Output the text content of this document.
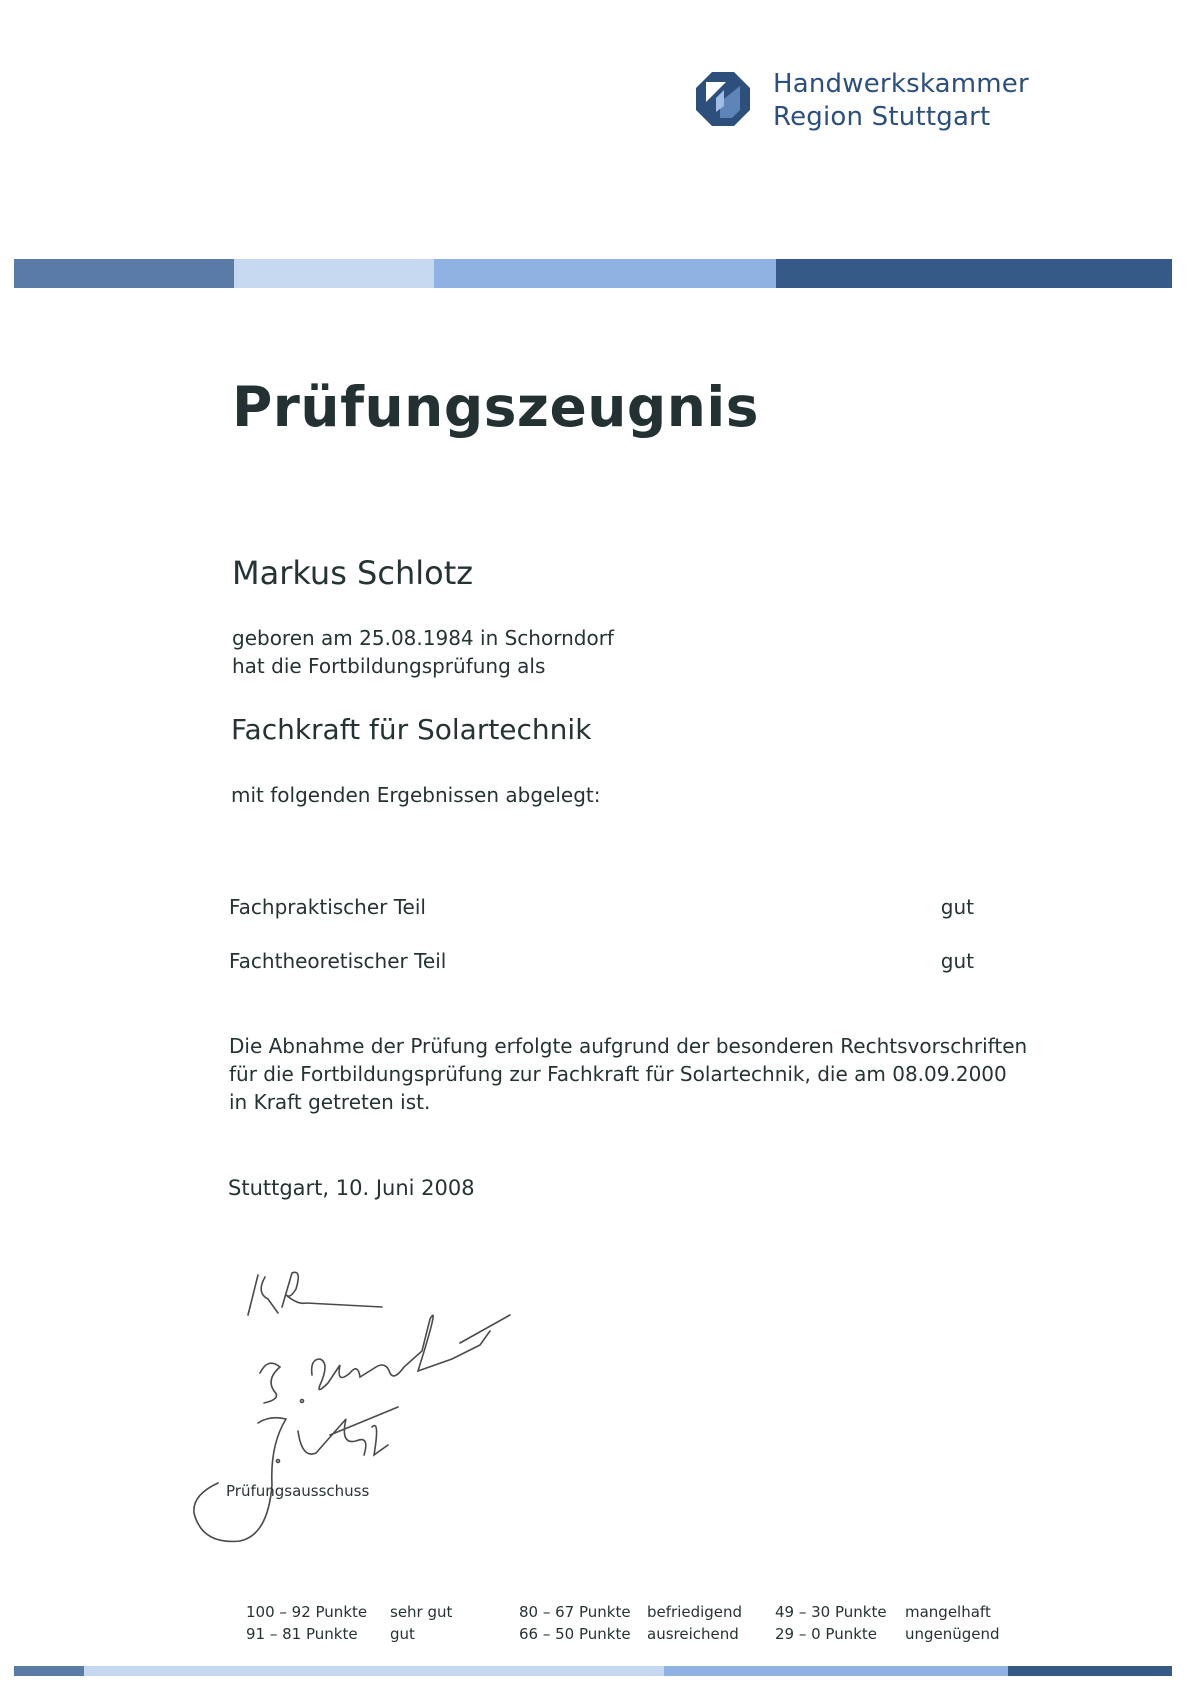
Handwerkskammer
Region Stuttgart
Prüfungszeugnis
Markus Schlotz
geboren am 25.08.1984 in Schorndorf
hat die Fortbildungsprüfung als
Fachkraft für Solartechnik
mit folgenden Ergebnissen abgelegt:
Fachpraktischer Teil	gut
Fachtheoretischer Teil	gut
Die Abnahme der Prüfung erfolgte aufgrund der besonderen Rechtsvorschriften
für die Fortbildungsprüfung zur Fachkraft für Solartechnik, die am 08.09.2000
in Kraft getreten ist.
Stuttgart, 10. Juni 2008
Prüfungsausschuss
100 – 92 Punkte
91 – 81 Punkte
sehr gut
gut
80 – 67 Punkte
66 – 50 Punkte
befriedigend
ausreichend
49 – 30 Punkte
29 – 0 Punkte
mangelhaft
ungenügend
